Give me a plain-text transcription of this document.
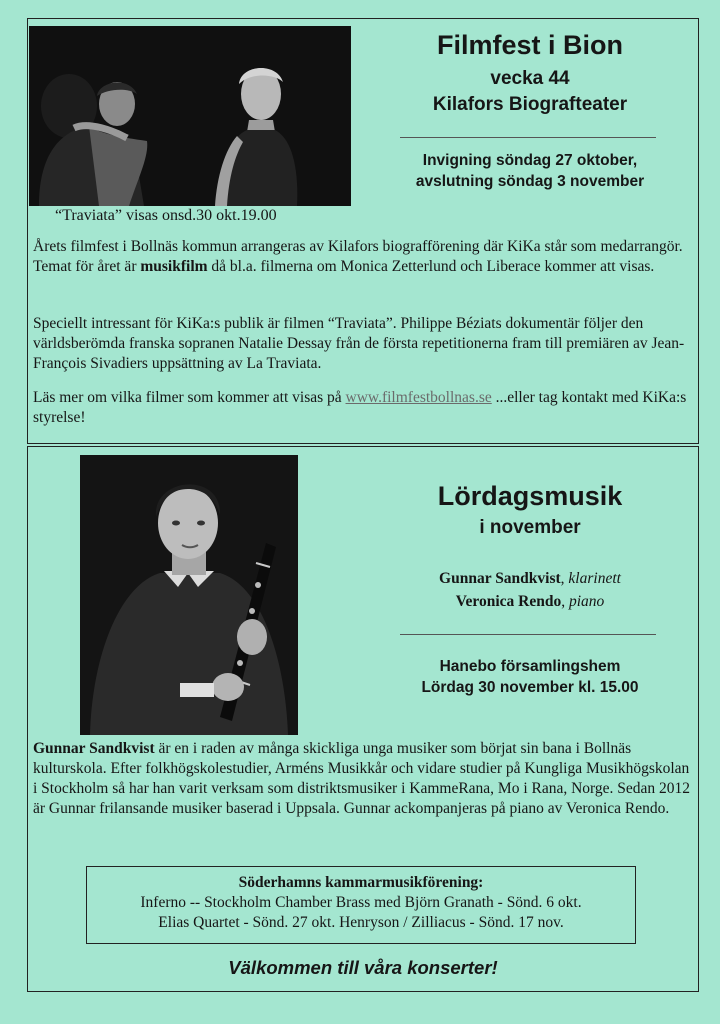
“Traviata” visas onsd.30 okt.19.00
Filmfest i Bion
vecka 44
Kilafors Biografteater
Invigning söndag 27 oktober,
avslutning söndag 3 november
Årets filmfest i Bollnäs kommun arrangeras av Kilafors biografförening där KiKa står som medarrangör. Temat för året är musikfilm då bl.a. filmerna om Monica Zetterlund och Liberace kommer att visas.
Speciellt intressant för KiKa:s publik är filmen “Traviata”. Philippe Béziats dokumentär följer den världsberömda franska sopranen Natalie Dessay från de första repetitionerna fram till premiären av Jean-François Sivadiers uppsättning av La Traviata.
Läs mer om vilka filmer som kommer att visas på www.filmfestbollnas.se ...eller tag kontakt med KiKa:s styrelse!
Lördagsmusik
i november
Gunnar Sandkvist, klarinett
Veronica Rendo, piano
Hanebo församlingshem
Lördag 30 november kl. 15.00
Gunnar Sandkvist är en i raden av många skickliga unga musiker som börjat sin bana i Bollnäs kulturskola. Efter folkhögskolestudier, Arméns Musikkår och vidare studier på Kungliga Musikhögskolan i Stockholm så har han varit verksam som distriktsmusiker i KammeRana, Mo i Rana, Norge. Sedan 2012 är Gunnar frilansande musiker baserad i Uppsala. Gunnar ackompanjeras på piano av Veronica Rendo.
Söderhamns kammarmusikförening:
Inferno -- Stockholm Chamber Brass med Björn Granath - Sönd. 6 okt.
Elias Quartet - Sönd. 27 okt. Henryson / Zilliacus - Sönd. 17 nov.
Välkommen till våra konserter!
